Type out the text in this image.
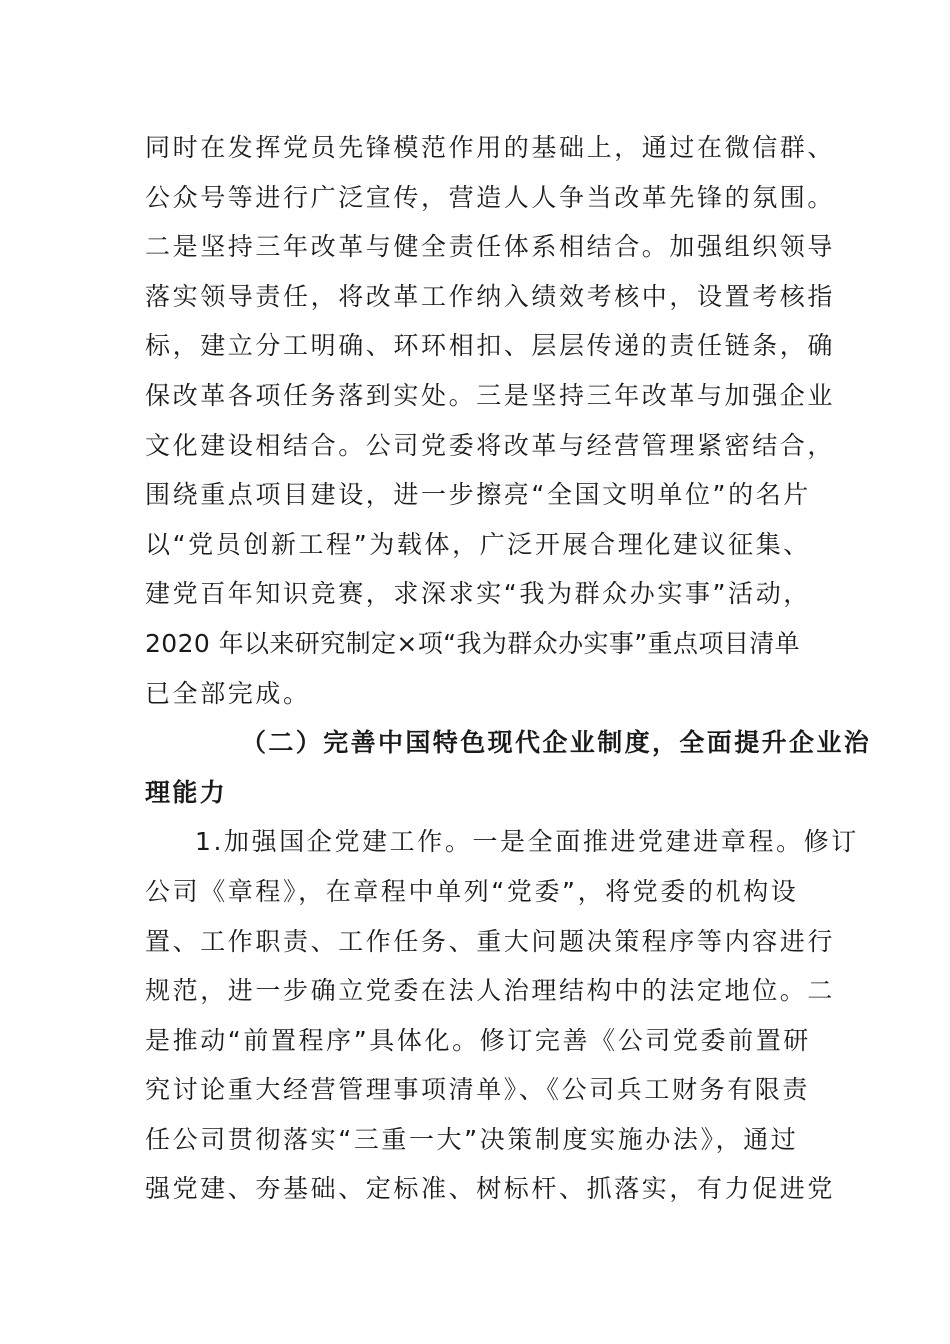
同时在发挥党员先锋模范作用的基础上，通过在微信群、
公众号等进行广泛宣传，营造人人争当改革先锋的氛围。
二是坚持三年改革与健全责任体系相结合。加强组织领导
落实领导责任，将改革工作纳入绩效考核中，设置考核指
标，建立分工明确、环环相扣、层层传递的责任链条，确
保改革各项任务落到实处。三是坚持三年改革与加强企业
文化建设相结合。公司党委将改革与经营管理紧密结合，
围绕重点项目建设，进一步擦亮“全国文明单位”的名片
以“党员创新工程”为载体，广泛开展合理化建议征集、
建党百年知识竞赛，求深求实“我为群众办实事”活动，
2020 年以来研究制定×项“我为群众办实事”重点项目清单
已全部完成。
（二）完善中国特色现代企业制度，全面提升企业治
理能力
1.加强国企党建工作。一是全面推进党建进章程。修订
公司《章程》，在章程中单列“党委”，将党委的机构设
置、工作职责、工作任务、重大问题决策程序等内容进行
规范，进一步确立党委在法人治理结构中的法定地位。二
是推动“前置程序”具体化。修订完善《公司党委前置研
究讨论重大经营管理事项清单》、《公司兵工财务有限责
任公司贯彻落实“三重一大”决策制度实施办法》，通过
强党建、夯基础、定标准、树标杆、抓落实，有力促进党
